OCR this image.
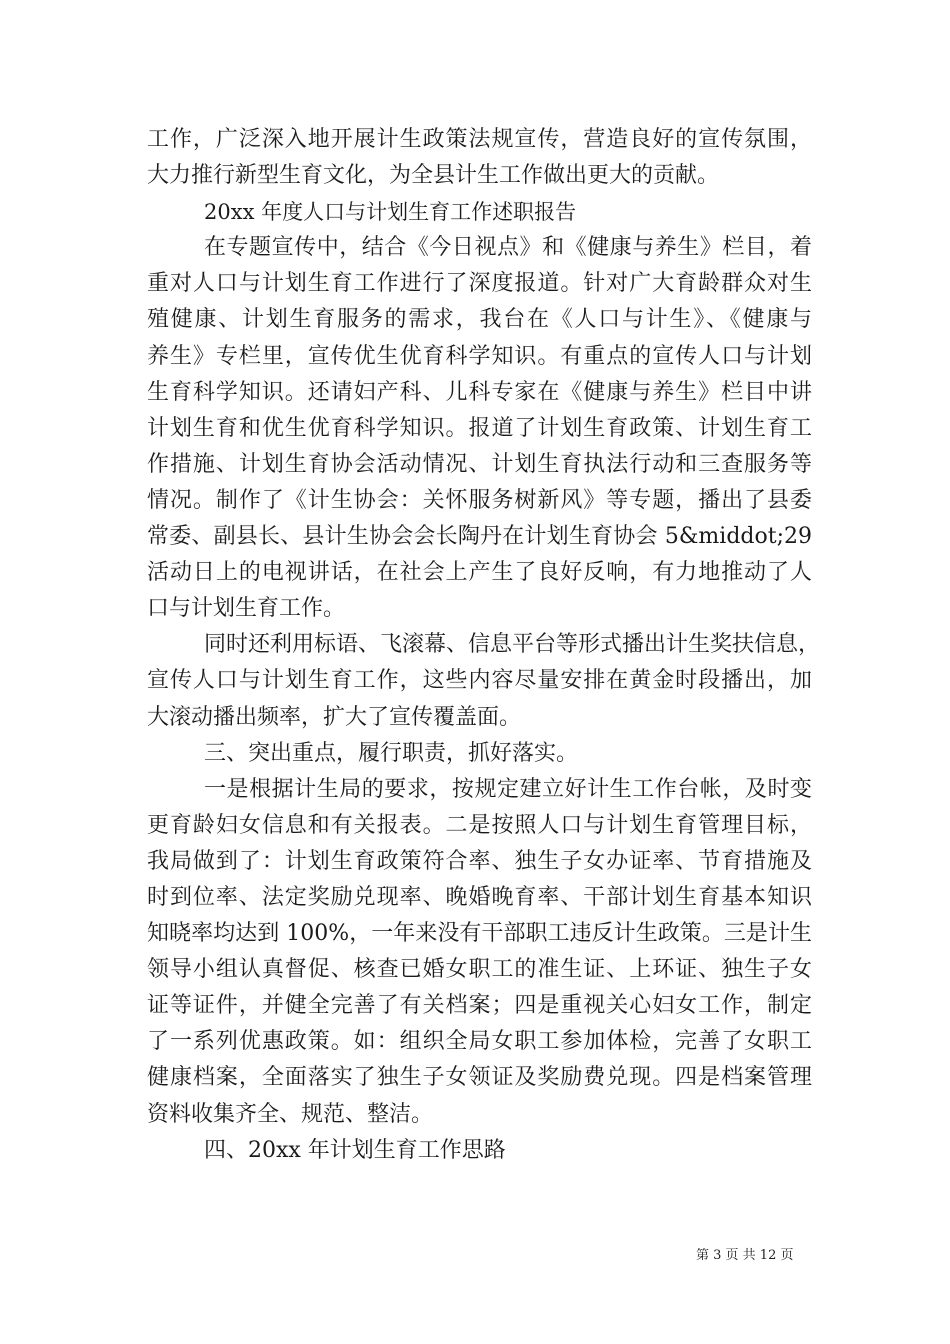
工作，广泛深入地开展计生政策法规宣传，营造良好的宣传氛围，
大力推行新型生育文化，为全县计生工作做出更大的贡献。
20xx 年度人口与计划生育工作述职报告
在专题宣传中，结合《今日视点》和《健康与养生》栏目，着
重对人口与计划生育工作进行了深度报道。针对广大育龄群众对生
殖健康、计划生育服务的需求，我台在《人口与计生》、《健康与
养生》专栏里，宣传优生优育科学知识。有重点的宣传人口与计划
生育科学知识。还请妇产科、儿科专家在《健康与养生》栏目中讲
计划生育和优生优育科学知识。报道了计划生育政策、计划生育工
作措施、计划生育协会活动情况、计划生育执法行动和三查服务等
情况。制作了《计生协会：关怀服务树新风》等专题，播出了县委
常委、副县长、县计生协会会长陶丹在计划生育协会 5&middot;29
活动日上的电视讲话，在社会上产生了良好反响，有力地推动了人
口与计划生育工作。
同时还利用标语、飞滚幕、信息平台等形式播出计生奖扶信息，
宣传人口与计划生育工作，这些内容尽量安排在黄金时段播出，加
大滚动播出频率，扩大了宣传覆盖面。
三、突出重点，履行职责，抓好落实。
一是根据计生局的要求，按规定建立好计生工作台帐，及时变
更育龄妇女信息和有关报表。二是按照人口与计划生育管理目标，
我局做到了：计划生育政策符合率、独生子女办证率、节育措施及
时到位率、法定奖励兑现率、晚婚晚育率、干部计划生育基本知识
知晓率均达到 100%，一年来没有干部职工违反计生政策。三是计生
领导小组认真督促、核查已婚女职工的准生证、上环证、独生子女
证等证件，并健全完善了有关档案；四是重视关心妇女工作，制定
了一系列优惠政策。如：组织全局女职工参加体检，完善了女职工
健康档案，全面落实了独生子女领证及奖励费兑现。四是档案管理
资料收集齐全、规范、整洁。
四、20xx 年计划生育工作思路
第 3 页 共 12 页
